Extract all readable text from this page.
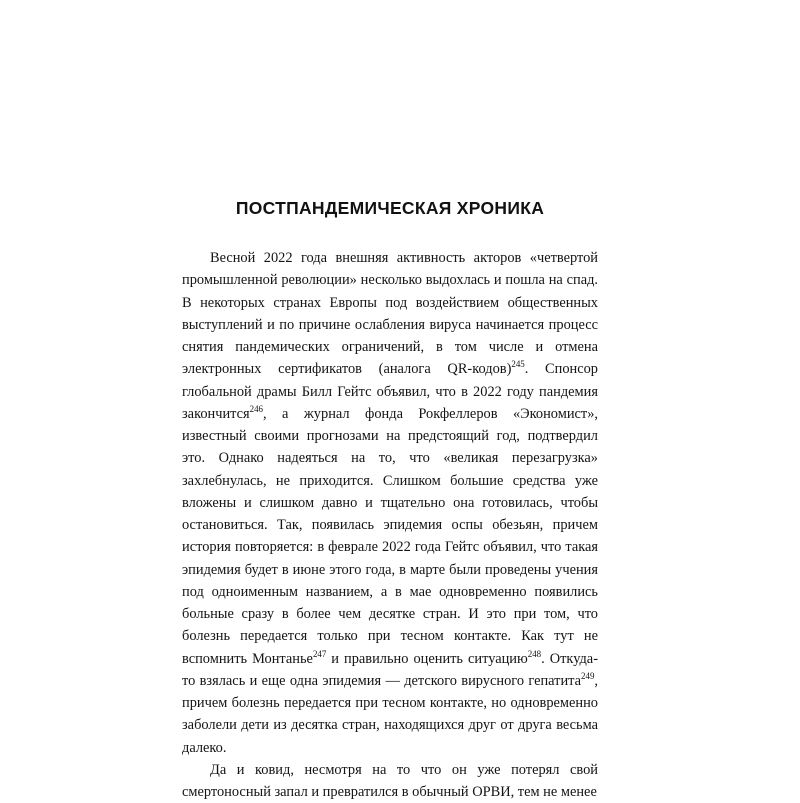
ПОСТПАНДЕМИЧЕСКАЯ ХРОНИКА

Весной 2022 года внешняя активность акторов «четвертой промышленной революции» несколько выдохлась и пошла на спад. В некоторых странах Европы под воздействием общественных выступлений и по причине ослабления вируса начинается процесс снятия пандемических ограничений, в том числе и отмена электронных сертификатов (аналога QR-кодов)$^{245}$. Спонсор глобальной драмы Билл Гейтс объявил, что в 2022 году пандемия закончится$^{246}$, а журнал фонда Рокфеллеров «Экономист», известный своими прогнозами на предстоящий год, подтвердил это. Однако надеяться на то, что «великая перезагрузка» захлебнулась, не приходится. Слишком большие средства уже вложены и слишком давно и тщательно она готовилась, чтобы остановиться. Так, появилась эпидемия оспы обезьян, причем история повторяется: в феврале 2022 года Гейтс объявил, что такая эпидемия будет в июне этого года, в марте были проведены учения под одноименным названием, а в мае одновременно появились больные сразу в более чем десятке стран. И это при том, что болезнь передается только при тесном контакте. Как тут не вспомнить Монтанье$^{247}$ и правильно оценить ситуацию$^{248}$. Откуда-то взялась и еще одна эпидемия — детского вирусного гепатита$^{249}$, причем болезнь передается при тесном контакте, но одновременно заболели дети из десятка стран, находящихся друг от друга весьма далеко.

Да и ковид, несмотря на то что он уже потерял свой смертоносный запал и превратился в обычный ОРВИ, тем не менее
